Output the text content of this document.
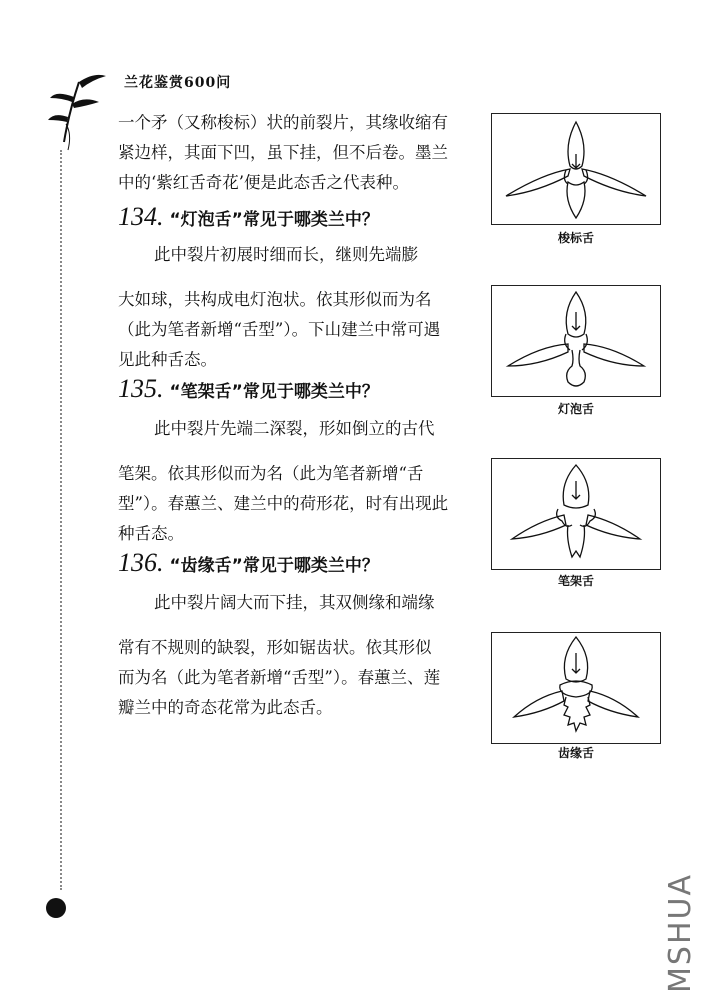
兰花鉴赏600问
一个矛（又称梭标）状的前裂片，其缘收缩有
紧边样，其面下凹，虽下挂，但不后卷。墨兰
中的‘紫红舌奇花’便是此态舌之代表种。
134. “灯泡舌”常见于哪类兰中？
此中裂片初展时细而长，继则先端膨
大如球，共构成电灯泡状。依其形似而为名
（此为笔者新增“舌型”）。下山建兰中常可遇
见此种舌态。
135. “笔架舌”常见于哪类兰中？
此中裂片先端二深裂，形如倒立的古代
笔架。依其形似而为名（此为笔者新增“舌
型”）。春蕙兰、建兰中的荷形花，时有出现此
种舌态。
136. “齿缘舌”常见于哪类兰中？
此中裂片阔大而下挂，其双侧缘和端缘
常有不规则的缺裂，形如锯齿状。依其形似
而为名（此为笔者新增“舌型”）。春蕙兰、莲
瓣兰中的奇态花常为此态舌。
梭标舌
灯泡舌
笔架舌
齿缘舌
MSHUA
